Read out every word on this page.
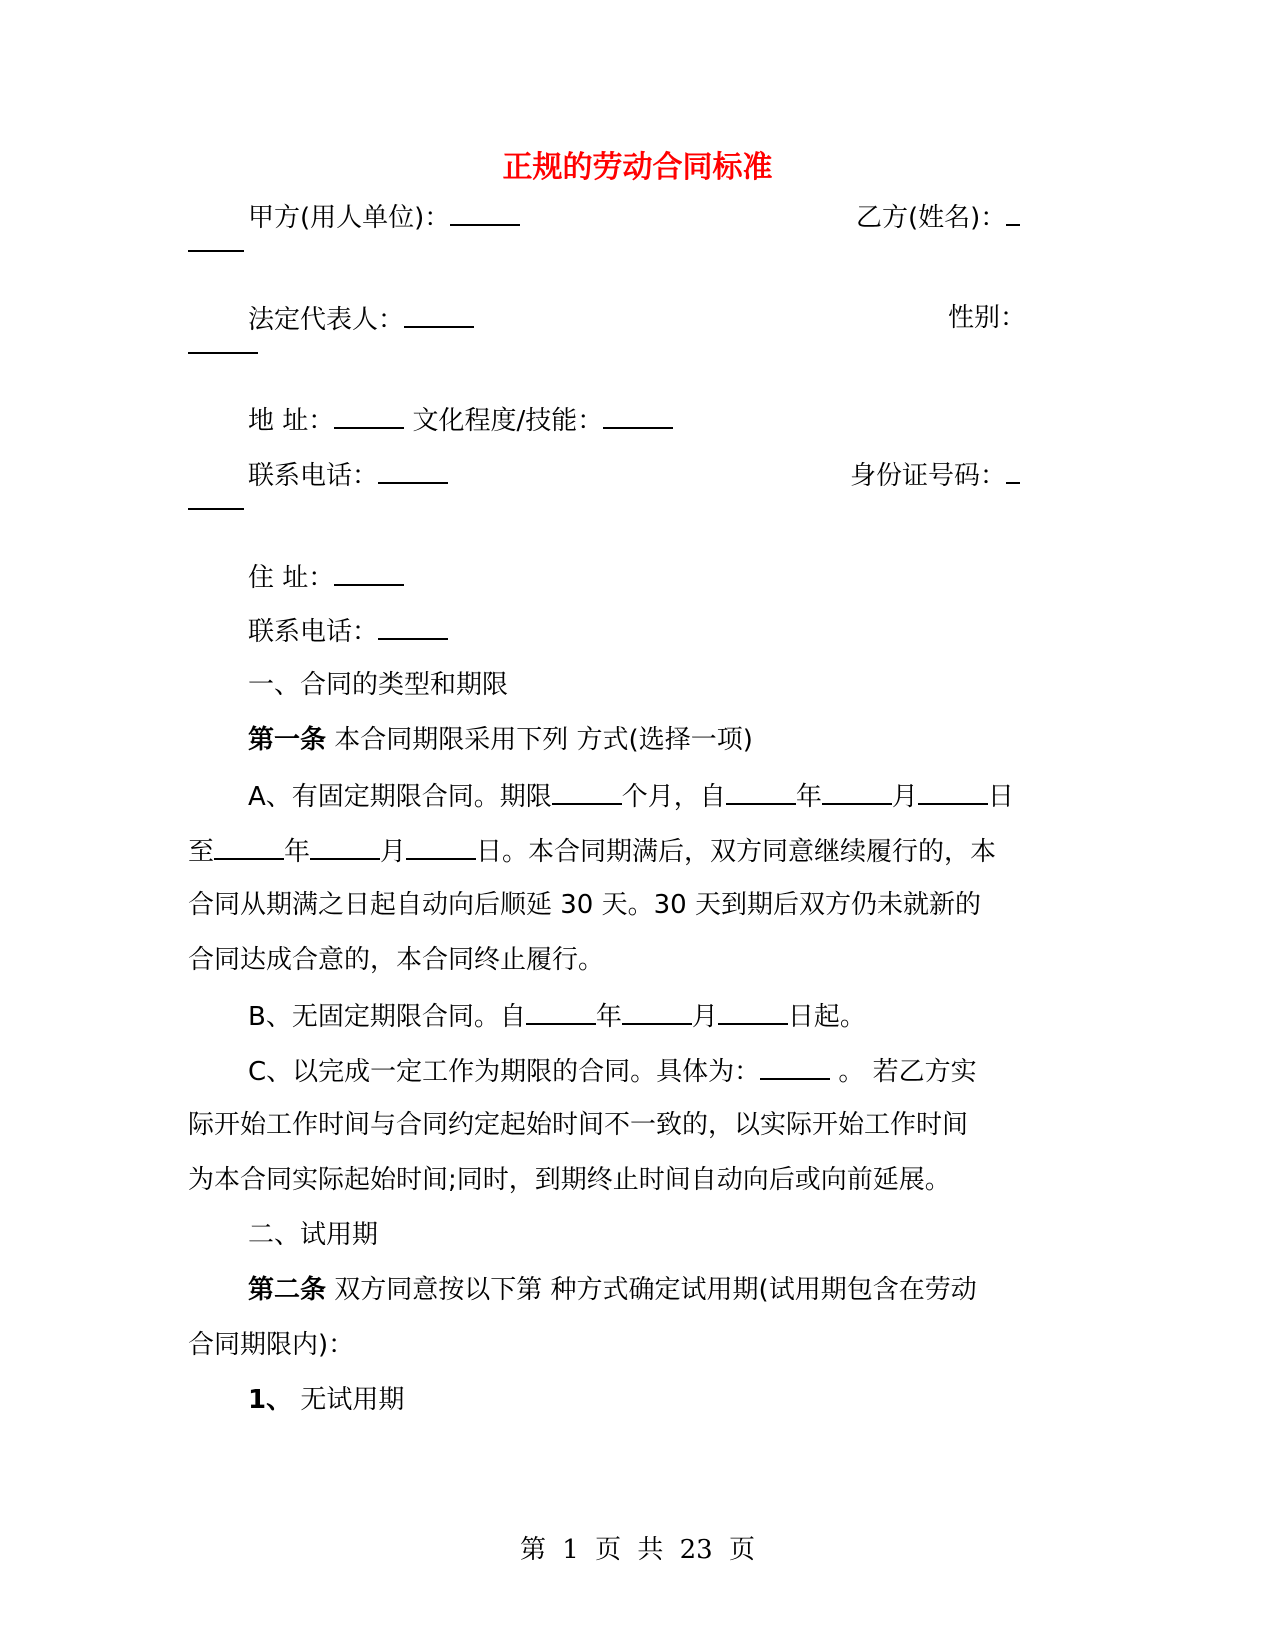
正规的劳动合同标准
甲方(用人单位)：	乙方(姓名)：
法定代表人：	性别：
地 址：	文化程度/技能：
联系电话：	身份证号码：
住 址：
联系电话：
一、合同的类型和期限
第一条 本合同期限采用下列 方式(选择一项)
A、有固定期限合同。期限	个月，自	年	月	日
至	年	月	日。本合同期满后，双方同意继续履行的，本
合同从期满之日起自动向后顺延 30 天。30 天到期后双方仍未就新的
合同达成合意的，本合同终止履行。
B、无固定期限合同。自	年	月	日起。
C、以完成一定工作为期限的合同。具体为：	。 若乙方实
际开始工作时间与合同约定起始时间不一致的，以实际开始工作时间
为本合同实际起始时间;同时，到期终止时间自动向后或向前延展。
二、试用期
第二条 双方同意按以下第 种方式确定试用期(试用期包含在劳动
合同期限内)：
1、 无试用期
第 1 页 共 23 页
